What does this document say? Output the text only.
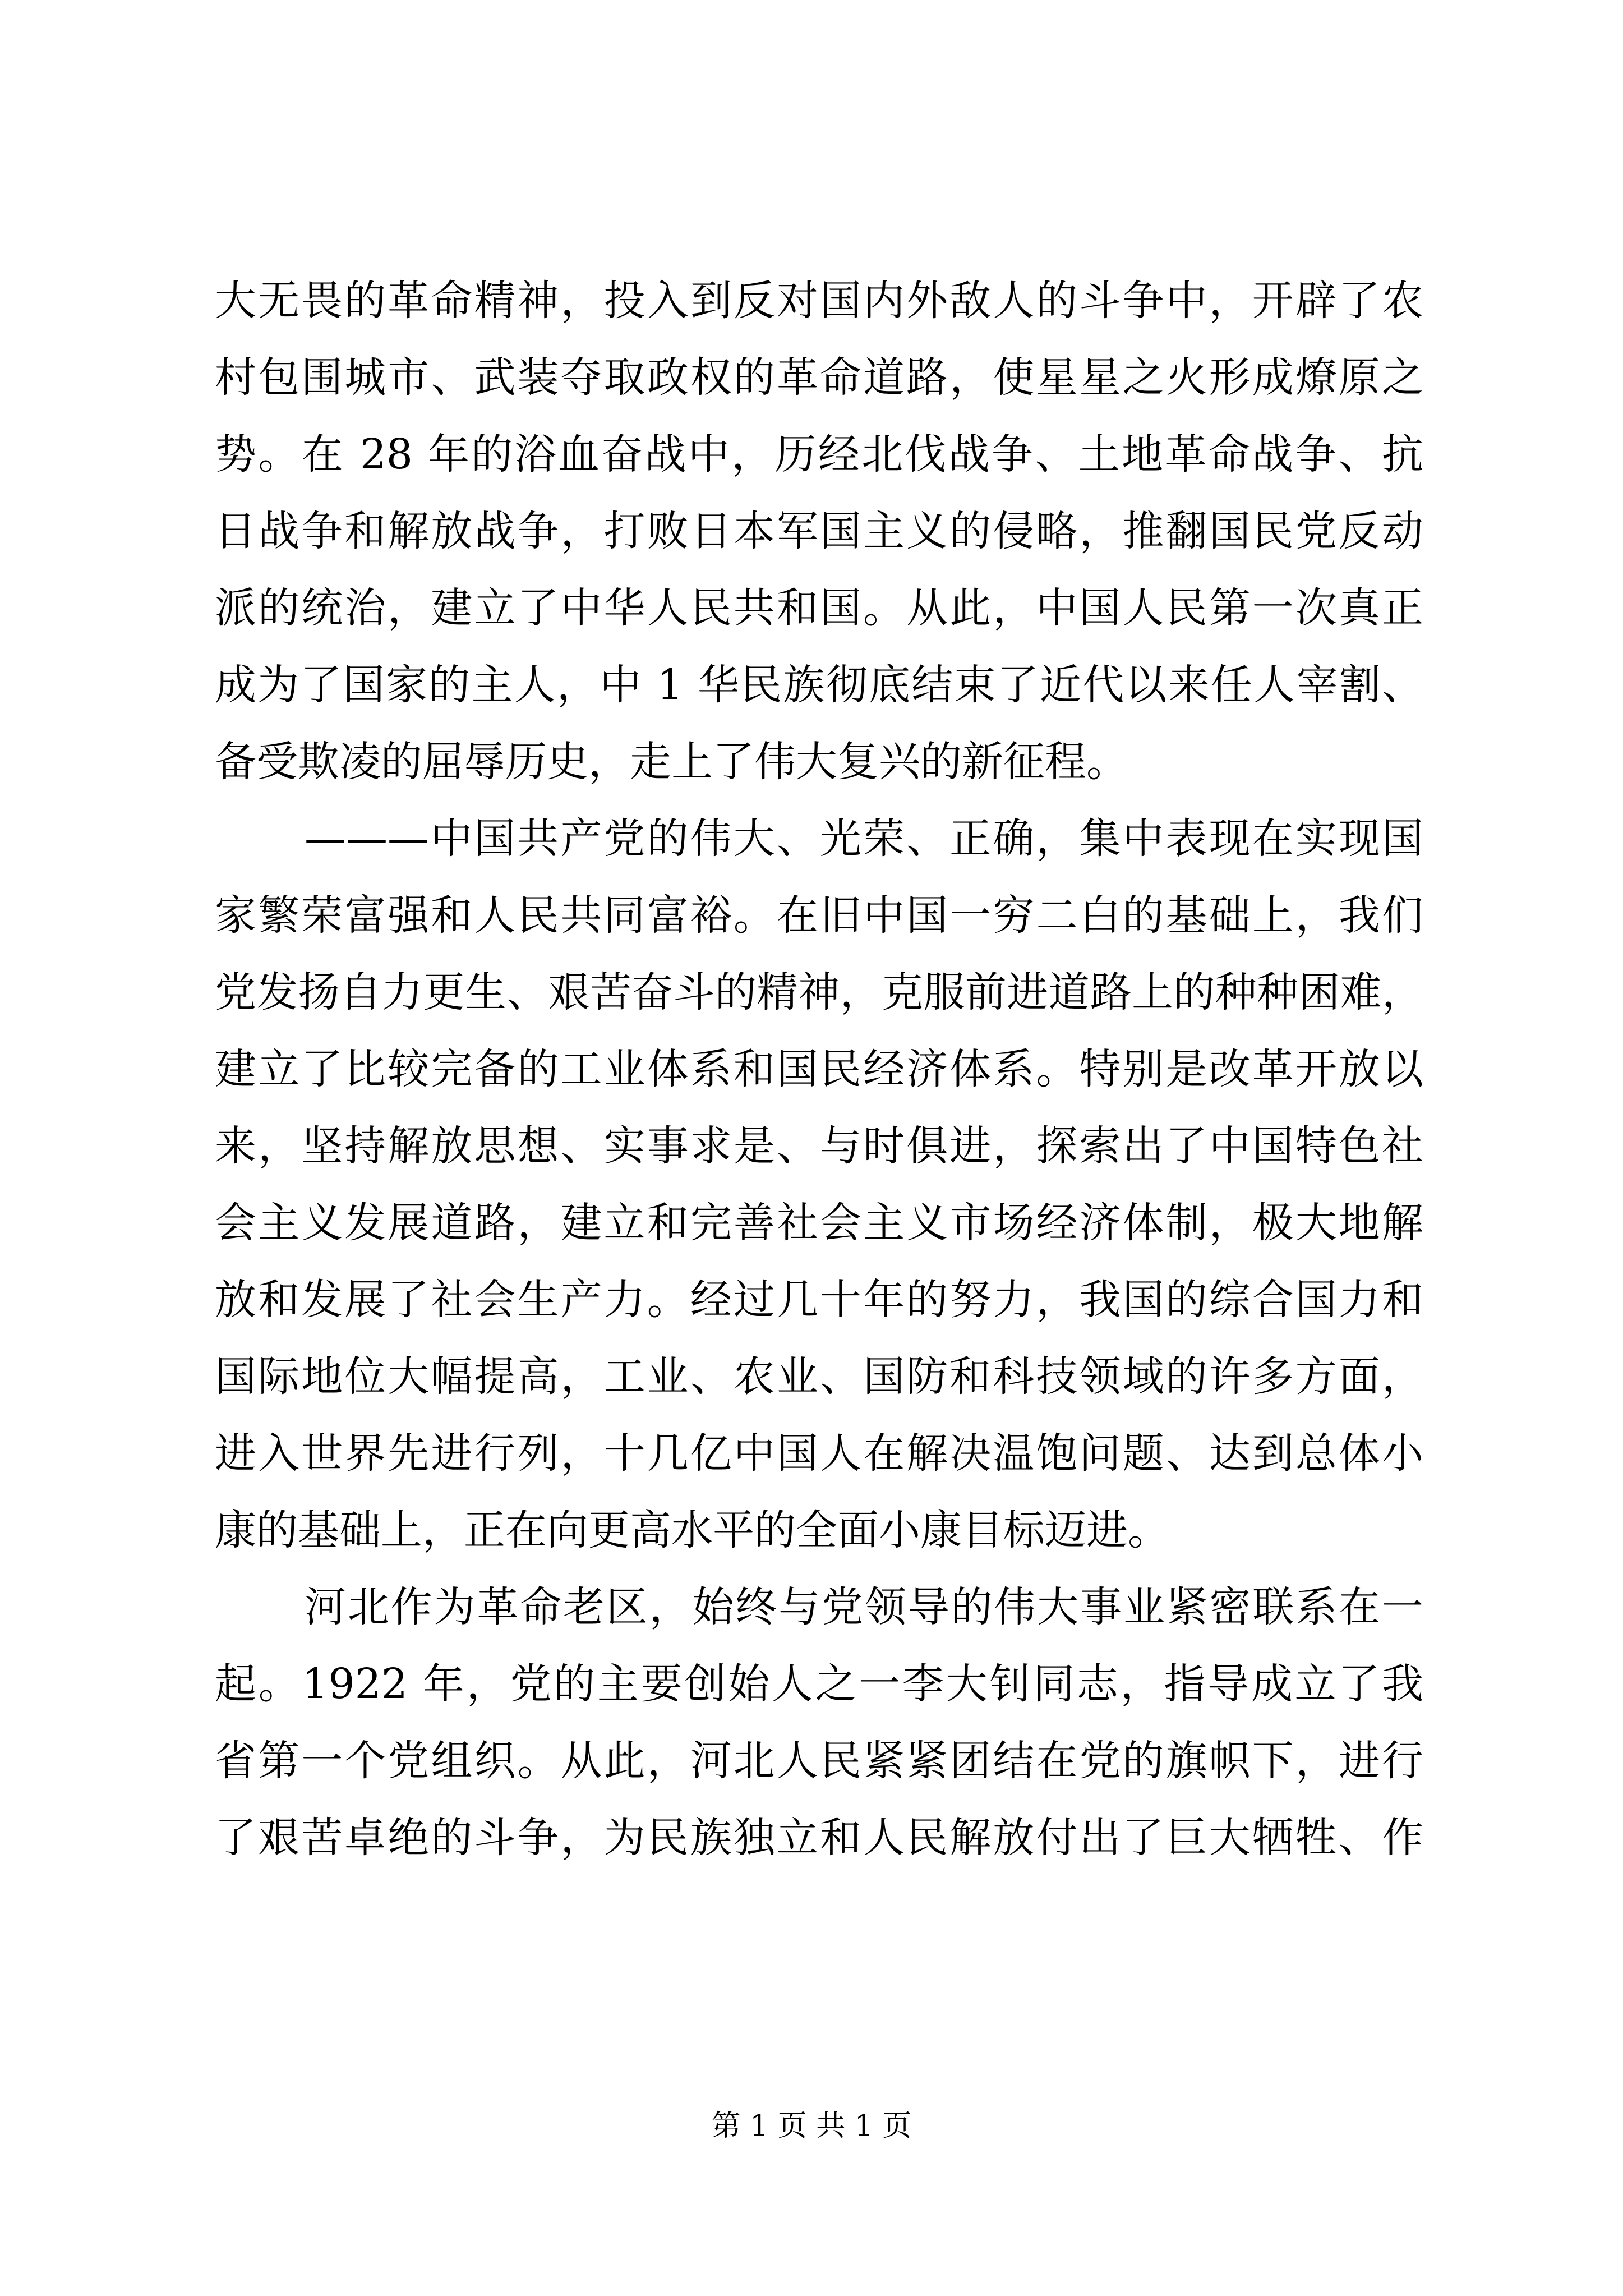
大无畏的革命精神，投入到反对国内外敌人的斗争中，开辟了农
村包围城市、武装夺取政权的革命道路，使星星之火形成燎原之
势。在 28 年的浴血奋战中，历经北伐战争、土地革命战争、抗
日战争和解放战争，打败日本军国主义的侵略，推翻国民党反动
派的统治，建立了中华人民共和国。从此，中国人民第一次真正
成为了国家的主人，中 1 华民族彻底结束了近代以来任人宰割、
备受欺凌的屈辱历史，走上了伟大复兴的新征程。
———中国共产党的伟大、光荣、正确，集中表现在实现国
家繁荣富强和人民共同富裕。在旧中国一穷二白的基础上，我们
党发扬自力更生、艰苦奋斗的精神，克服前进道路上的种种困难，
建立了比较完备的工业体系和国民经济体系。特别是改革开放以
来，坚持解放思想、实事求是、与时俱进，探索出了中国特色社
会主义发展道路，建立和完善社会主义市场经济体制，极大地解
放和发展了社会生产力。经过几十年的努力，我国的综合国力和
国际地位大幅提高，工业、农业、国防和科技领域的许多方面，
进入世界先进行列，十几亿中国人在解决温饱问题、达到总体小
康的基础上，正在向更高水平的全面小康目标迈进。
河北作为革命老区，始终与党领导的伟大事业紧密联系在一
起。1922 年，党的主要创始人之一李大钊同志，指导成立了我
省第一个党组织。从此，河北人民紧紧团结在党的旗帜下，进行
了艰苦卓绝的斗争，为民族独立和人民解放付出了巨大牺牲、作
第 1 页 共 1 页
